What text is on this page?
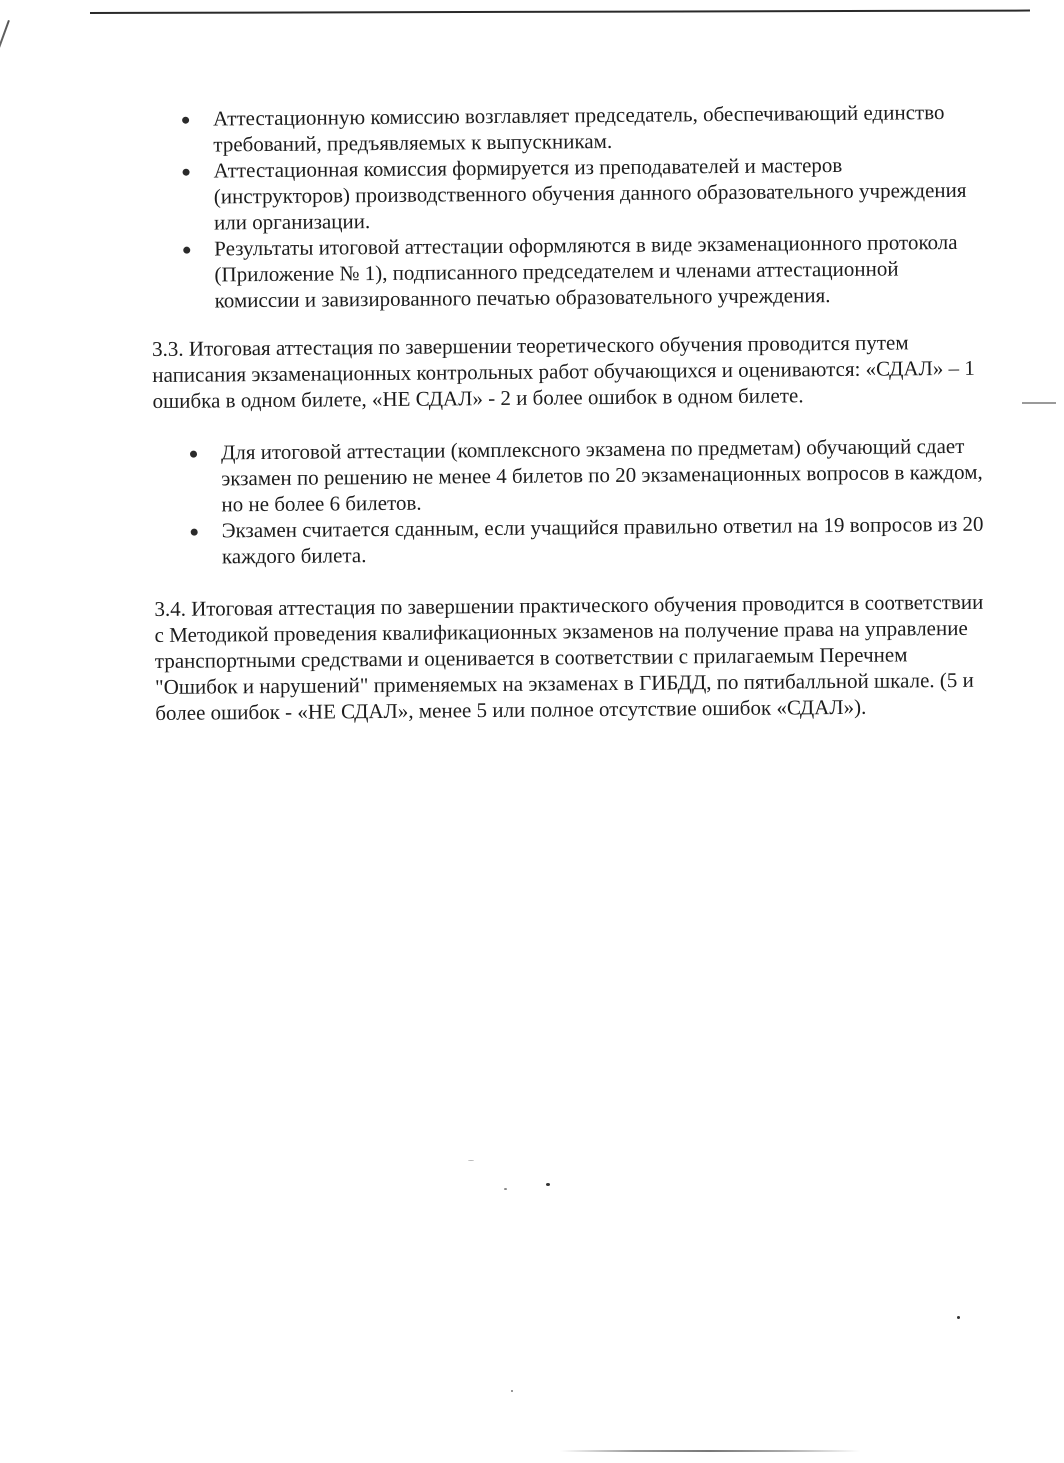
Аттестационную комиссию возглавляет председатель, обеспечивающий единство требований, предъявляемых к выпускникам.
Аттестационная комиссия формируется из преподавателей и мастеров (инструкторов) производственного обучения данного образовательного учреждения или организации.
Результаты итоговой аттестации оформляются в виде экзаменационного протокола (Приложение № 1), подписанного председателем и членами аттестационной комиссии и завизированного печатью образовательного учреждения.

3.3. Итоговая аттестация по завершении теоретического обучения проводится путем написания экзаменационных контрольных работ обучающихся и оцениваются: «СДАЛ» – 1 ошибка в одном билете, «НЕ СДАЛ» - 2 и более ошибок в одном билете.

Для итоговой аттестации (комплексного экзамена по предметам) обучающий сдает экзамен по решению не менее 4 билетов по 20 экзаменационных вопросов в каждом, но не более 6 билетов.
Экзамен считается сданным, если учащийся правильно ответил на 19 вопросов из 20 каждого билета.

3.4. Итоговая аттестация по завершении практического обучения проводится в соответствии с Методикой проведения квалификационных экзаменов на получение права на управление транспортными средствами и оценивается в соответствии с прилагаемым Перечнем "Ошибок и нарушений" применяемых на экзаменах в ГИБДД, по пятибалльной шкале. (5 и более ошибок - «НЕ СДАЛ», менее 5 или полное отсутствие ошибок «СДАЛ»).
